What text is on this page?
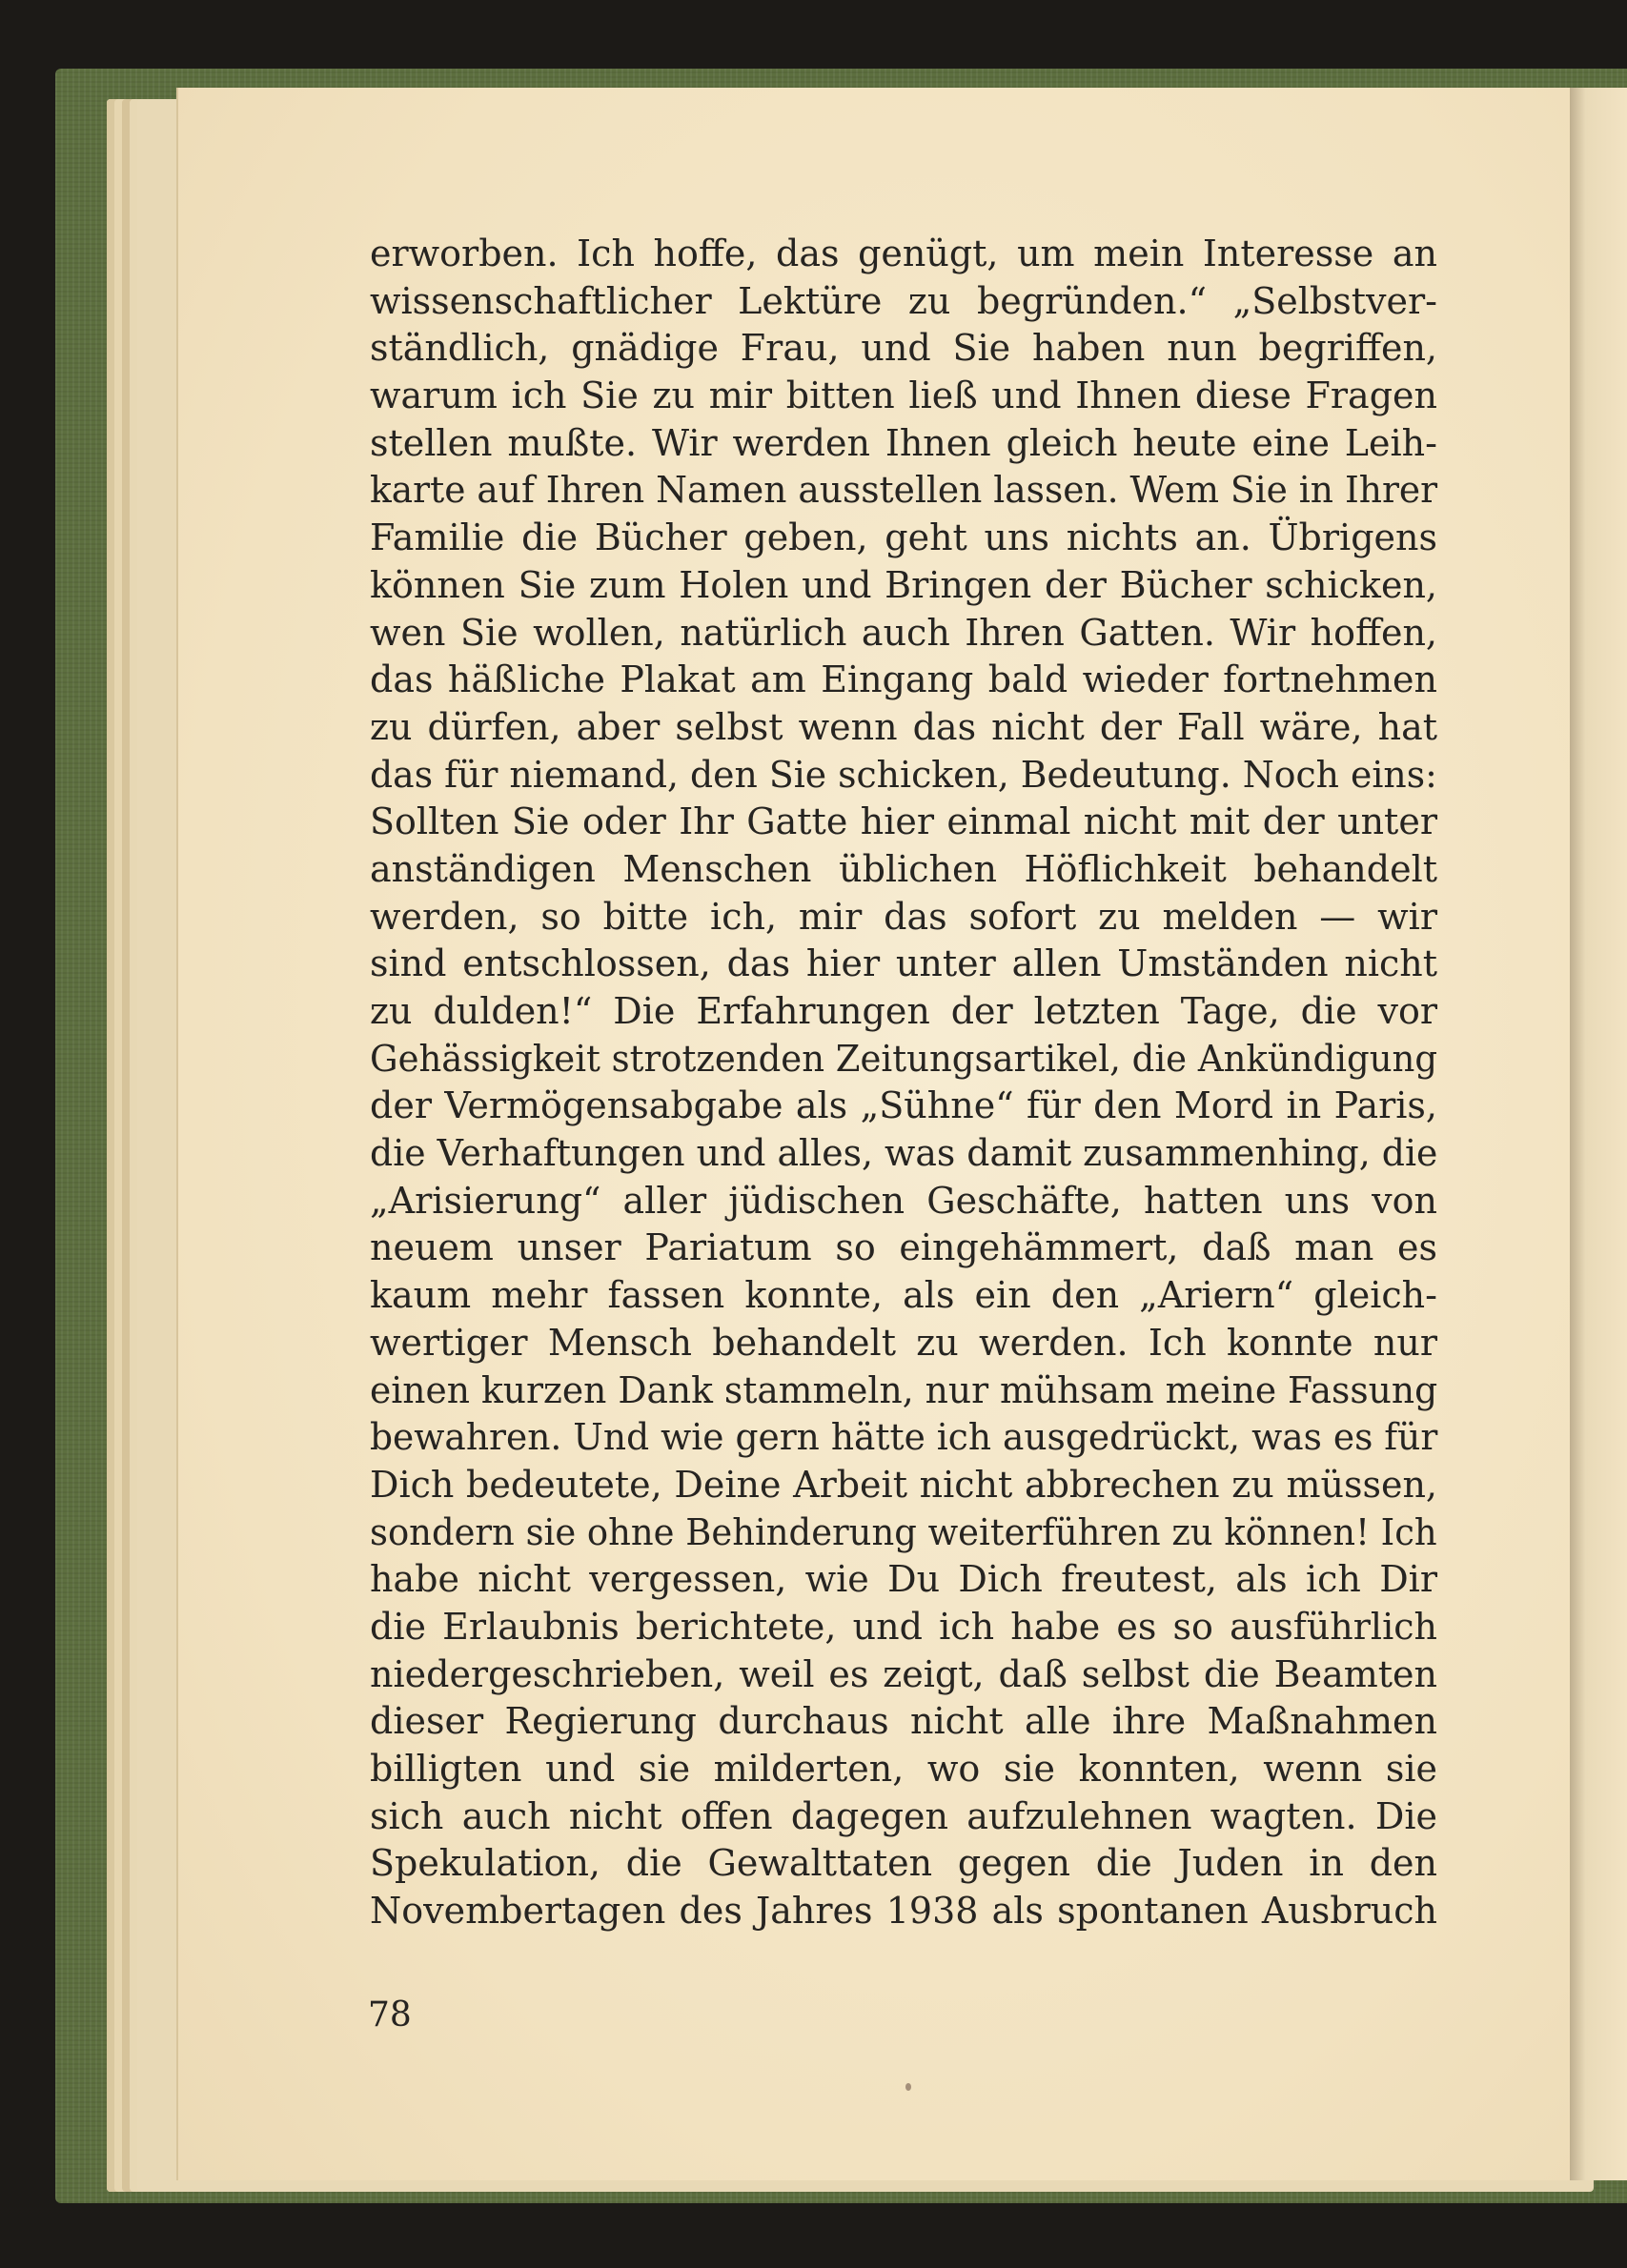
erworben. Ich hoffe, das genügt, um mein Interesse an
wissenschaftlicher Lektüre zu begründen.“ „Selbstver-
ständlich, gnädige Frau, und Sie haben nun begriffen,
warum ich Sie zu mir bitten ließ und Ihnen diese Fragen
stellen mußte. Wir werden Ihnen gleich heute eine Leih-
karte auf Ihren Namen ausstellen lassen. Wem Sie in Ihrer
Familie die Bücher geben, geht uns nichts an. Übrigens
können Sie zum Holen und Bringen der Bücher schicken,
wen Sie wollen, natürlich auch Ihren Gatten. Wir hoffen,
das häßliche Plakat am Eingang bald wieder fortnehmen
zu dürfen, aber selbst wenn das nicht der Fall wäre, hat
das für niemand, den Sie schicken, Bedeutung. Noch eins:
Sollten Sie oder Ihr Gatte hier einmal nicht mit der unter
anständigen Menschen üblichen Höflichkeit behandelt
werden, so bitte ich, mir das sofort zu melden — wir
sind entschlossen, das hier unter allen Umständen nicht
zu dulden!“ Die Erfahrungen der letzten Tage, die vor
Gehässigkeit strotzenden Zeitungsartikel, die Ankündigung
der Vermögensabgabe als „Sühne“ für den Mord in Paris,
die Verhaftungen und alles, was damit zusammenhing, die
„Arisierung“ aller jüdischen Geschäfte, hatten uns von
neuem unser Pariatum so eingehämmert, daß man es
kaum mehr fassen konnte, als ein den „Ariern“ gleich-
wertiger Mensch behandelt zu werden. Ich konnte nur
einen kurzen Dank stammeln, nur mühsam meine Fassung
bewahren. Und wie gern hätte ich ausgedrückt, was es für
Dich bedeutete, Deine Arbeit nicht abbrechen zu müssen,
sondern sie ohne Behinderung weiterführen zu können! Ich
habe nicht vergessen, wie Du Dich freutest, als ich Dir
die Erlaubnis berichtete, und ich habe es so ausführlich
niedergeschrieben, weil es zeigt, daß selbst die Beamten
dieser Regierung durchaus nicht alle ihre Maßnahmen
billigten und sie milderten, wo sie konnten, wenn sie
sich auch nicht offen dagegen aufzulehnen wagten. Die
Spekulation, die Gewalttaten gegen die Juden in den
Novembertagen des Jahres 1938 als spontanen Ausbruch
78
